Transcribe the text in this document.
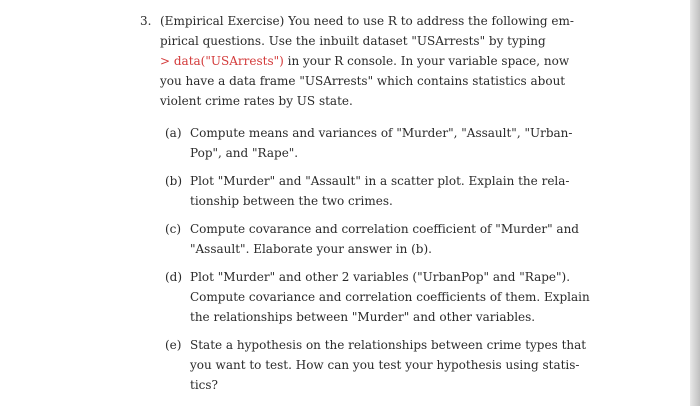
3. (Empirical Exercise) You need to use R to address the following em-
pirical questions. Use the inbuilt dataset "USArrests" by typing
> data("USArrests") in your R console. In your variable space, now
you have a data frame "USArrests" which contains statistics about
violent crime rates by US state.
(a) Compute means and variances of "Murder", "Assault", "Urban-
Pop", and "Rape".
(b) Plot "Murder" and "Assault" in a scatter plot. Explain the rela-
tionship between the two crimes.
(c) Compute covarance and correlation coefficient of "Murder" and
"Assault". Elaborate your answer in (b).
(d) Plot "Murder" and other 2 variables ("UrbanPop" and "Rape").
Compute covariance and correlation coefficients of them. Explain
the relationships between "Murder" and other variables.
(e) State a hypothesis on the relationships between crime types that
you want to test. How can you test your hypothesis using statis-
tics?
